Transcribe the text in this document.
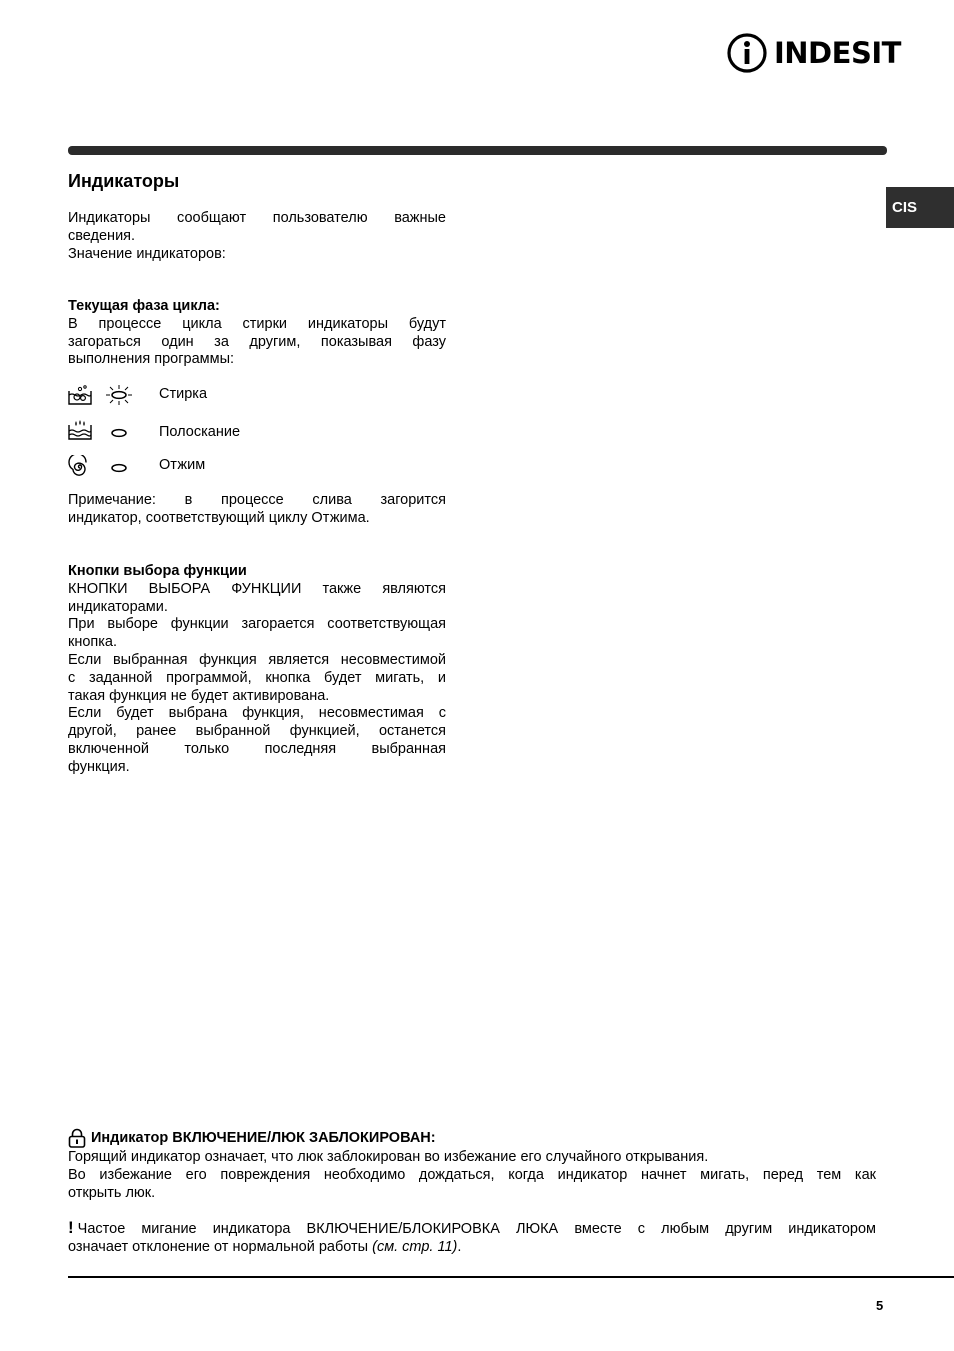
INDESIT
CIS
Индикаторы

Индикаторы сообщают пользователю важные
сведения.
Значение индикаторов:

Текущая фаза цикла:
В процессе цикла стирки индикаторы будут
загораться один за другим, показывая фазу
выполнения программы:

Стирка
Полоскание
Отжим

Примечание: в процессе слива загорится
индикатор, соответствующий циклу Отжима.

Кнопки выбора функции
КНОПКИ ВЫБОРА ФУНКЦИИ также являются
индикаторами.
При выборе функции загорается соответствующая
кнопка.
Если выбранная функция является несовместимой
с заданной программой, кнопка будет мигать, и
такая функция не будет активирована.
Если будет выбрана функция, несовместимая с
другой, ранее выбранной функцией, останется
включенной только последняя выбранная
функция.

Индикатор ВКЛЮЧЕНИЕ/ЛЮК ЗАБЛОКИРОВАН:

Горящий индикатор означает, что люк заблокирован во избежание его случайного открывания.
Во избежание его повреждения необходимо дождаться, когда индикатор начнет мигать, перед тем как
открыть люк.

! Частое мигание индикатора ВКЛЮЧЕНИЕ/БЛОКИРОВКА ЛЮКА вместе с любым другим индикатором
означает отклонение от нормальной работы (см. стр. 11).

5
